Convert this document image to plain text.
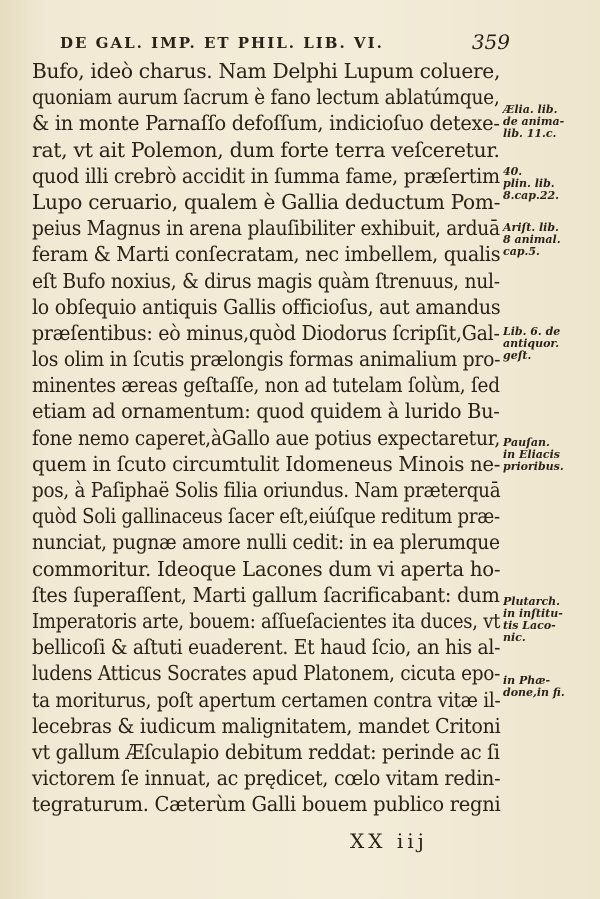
DE GAL. IMP. ET PHIL. LIB. VI.	359
Bufo, ideò charus. Nam Delphi Lupum coluere,
quoniam aurum ſacrum è fano lectum ablatúmque,
& in monte Parnaſſo defoſſum, indicioſuo detexe-
rat, vt ait Polemon, dum forte terra veſceretur.
quod illi crebrò accidit in ſumma fame, præſertim
Lupo ceruario, qualem è Gallia deductum Pom-
peius Magnus in arena plauſibiliter exhibuit, arduā
feram & Marti conſecratam, nec imbellem, qualis
eſt Bufo noxius, & dirus magis quàm ſtrenuus, nul-
lo obſequio antiquis Gallis officioſus, aut amandus
præſentibus: eò minus,quòd Diodorus ſcripſit,Gal-
los olim in ſcutis prælongis formas animalium pro-
minentes æreas geſtaſſe, non ad tutelam ſolùm, ſed
etiam ad ornamentum: quod quidem à lurido Bu-
fone nemo caperet,àGallo aue potius expectaretur,
quem in ſcuto circumtulit Idomeneus Minois ne-
pos, à Paſiphaë Solis filia oriundus. Nam præterquā
quòd Soli gallinaceus ſacer eſt,eiúſque reditum præ-
nunciat, pugnæ amore nulli cedit: in ea plerumque
commoritur. Ideoque Lacones dum vi aperta ho-
ſtes ſuperaſſent, Marti gallum ſacrificabant: dum
Imperatoris arte, bouem: aſſueſacientes ita duces, vt
bellicoſi & aſtuti euaderent. Et haud ſcio, an his al-
ludens Atticus Socrates apud Platonem, cicuta epo-
ta moriturus, poſt apertum certamen contra vitæ il-
lecebras & iudicum malignitatem, mandet Critoni
vt gallum Æſculapio debitum reddat: perinde ac ſi
victorem ſe innuat, ac prędicet, cœlo vitam redin-
tegraturum. Cæterùm Galli bouem publico regni
Ælia. lib.
de anima-
lib. 11.c.
40.
plin. lib.
8.cap.22.
Ariſt. lib.
8 animal.
cap.5.
Lib. 6. de
antiquor.
geſt.
Pauſan.
in Eliacis
prioribus.
Plutarch.
in inſtitu-
tis Laco-
nic.
in Phæ-
done,in fi.
XX iij
